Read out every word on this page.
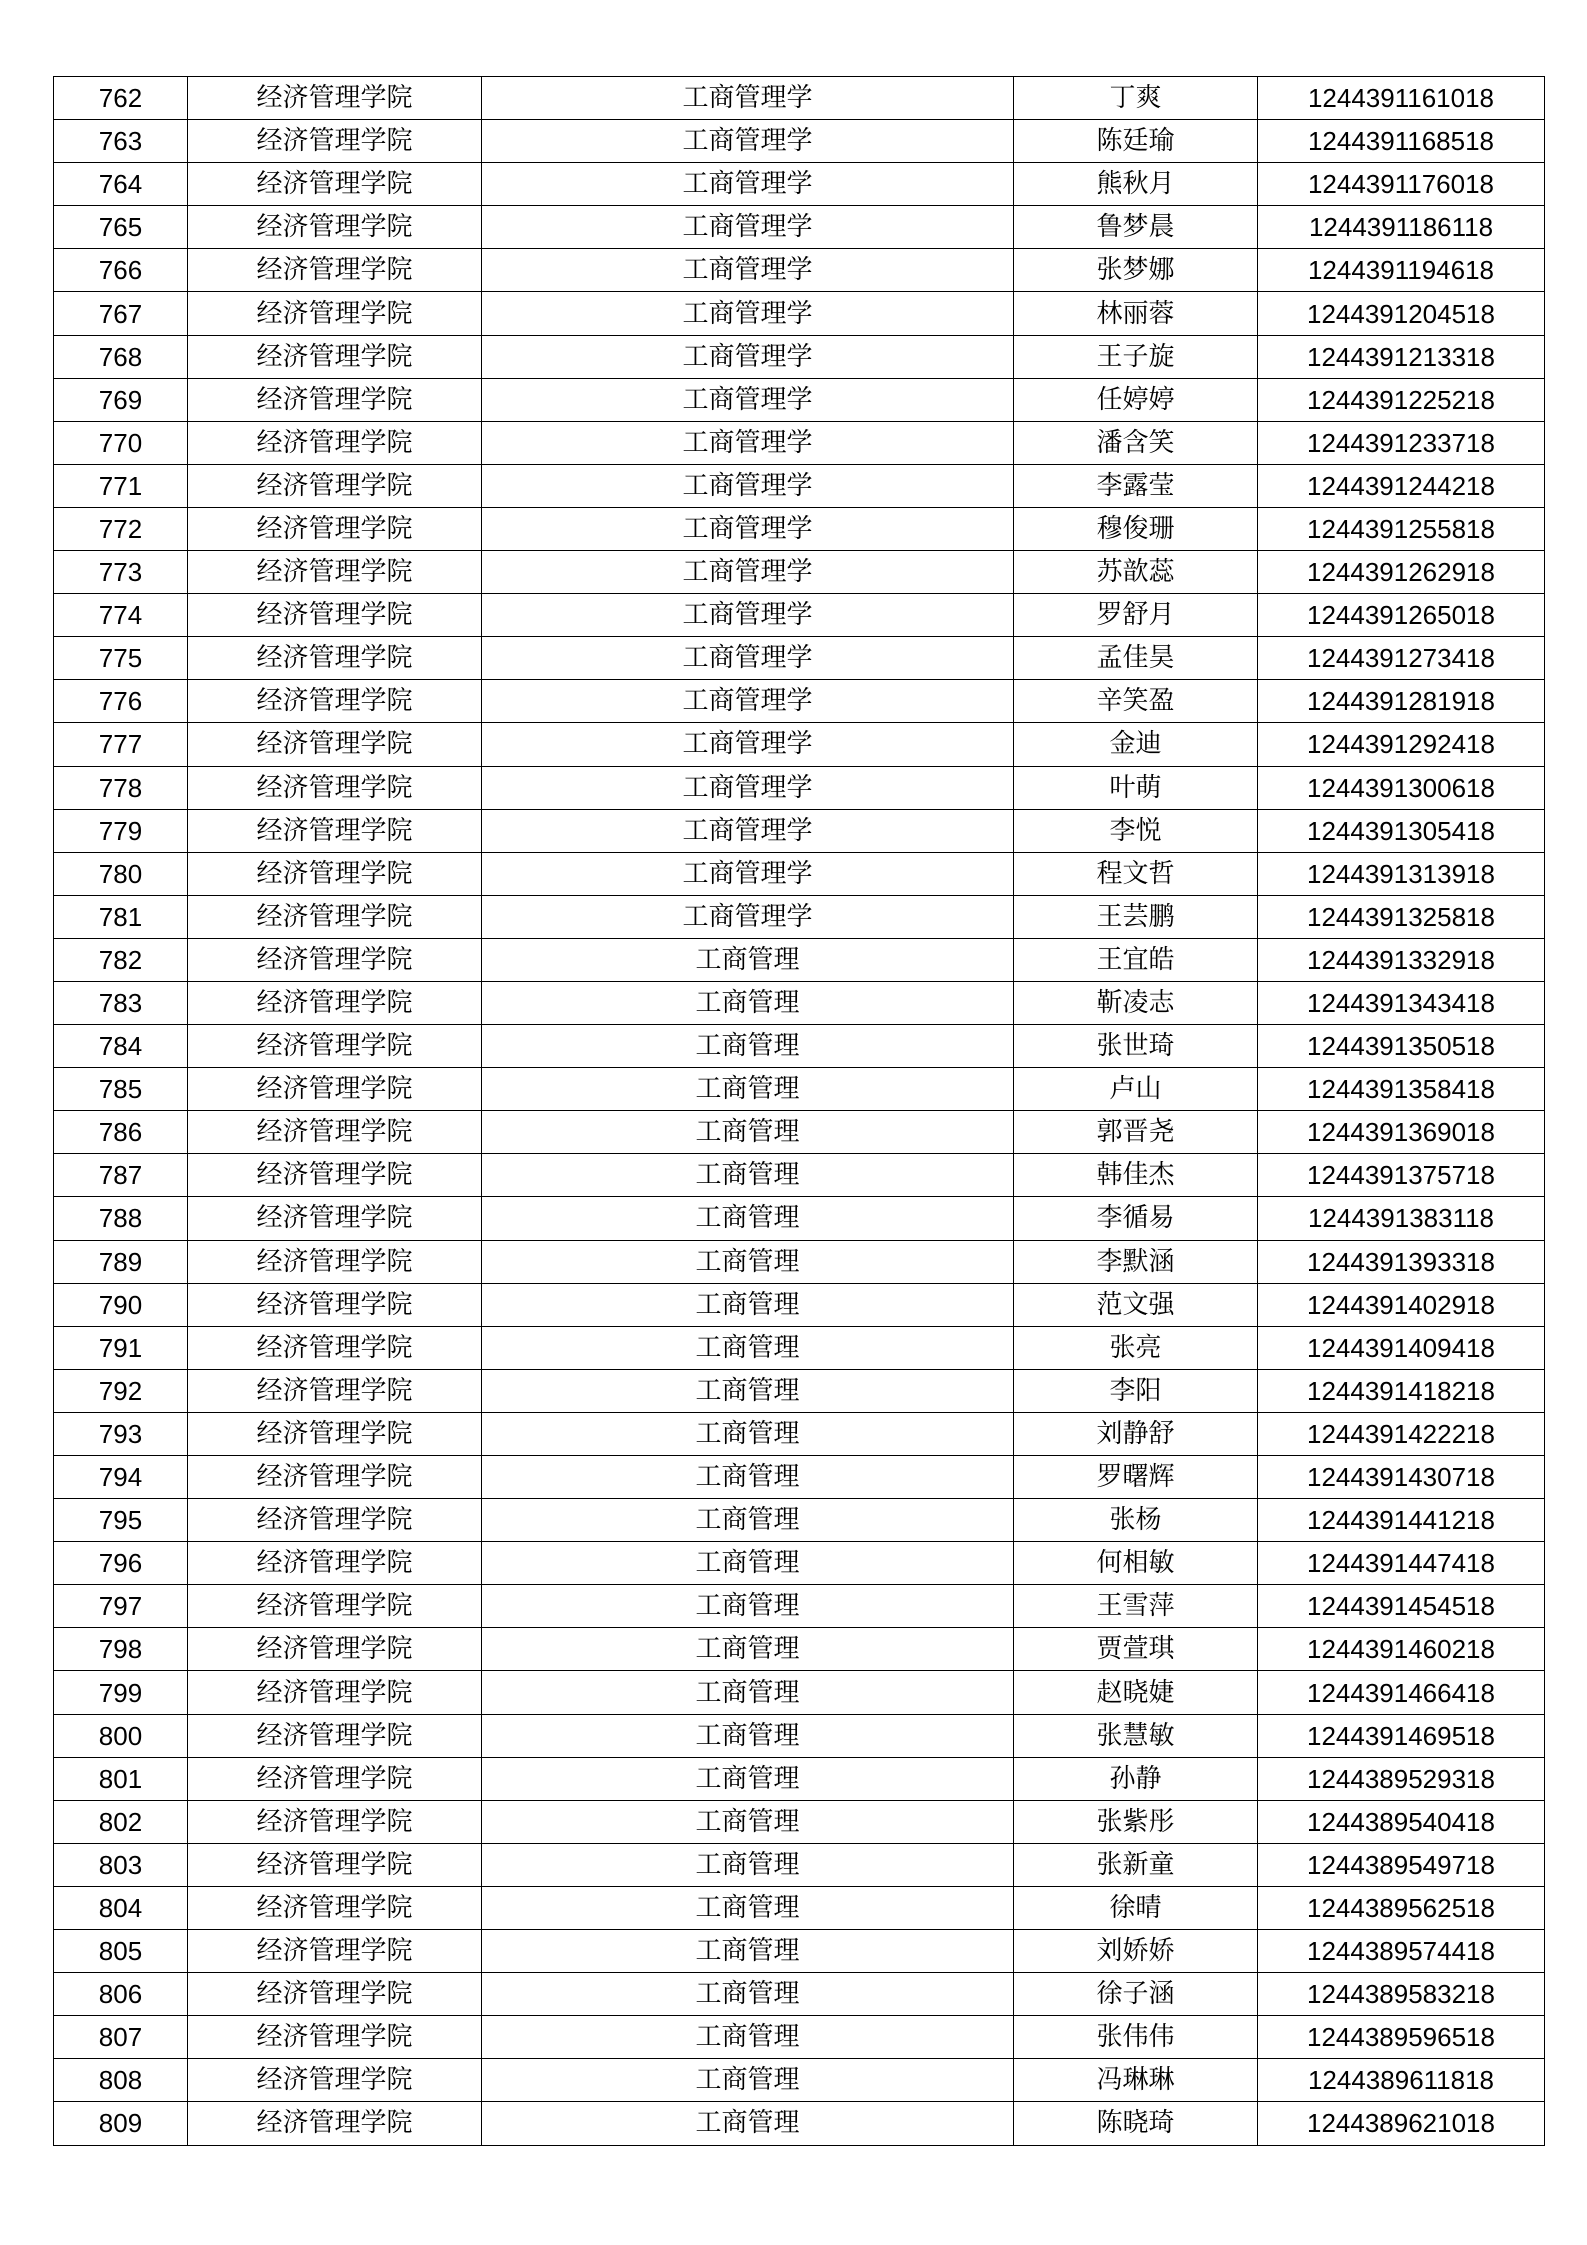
762	经济管理学院	工商管理学	丁爽	1244391161018
763	经济管理学院	工商管理学	陈廷瑜	1244391168518
764	经济管理学院	工商管理学	熊秋月	1244391176018
765	经济管理学院	工商管理学	鲁梦晨	1244391186118
766	经济管理学院	工商管理学	张梦娜	1244391194618
767	经济管理学院	工商管理学	林丽蓉	1244391204518
768	经济管理学院	工商管理学	王子旋	1244391213318
769	经济管理学院	工商管理学	任婷婷	1244391225218
770	经济管理学院	工商管理学	潘含笑	1244391233718
771	经济管理学院	工商管理学	李露莹	1244391244218
772	经济管理学院	工商管理学	穆俊珊	1244391255818
773	经济管理学院	工商管理学	苏歆蕊	1244391262918
774	经济管理学院	工商管理学	罗舒月	1244391265018
775	经济管理学院	工商管理学	孟佳昊	1244391273418
776	经济管理学院	工商管理学	辛笑盈	1244391281918
777	经济管理学院	工商管理学	金迪	1244391292418
778	经济管理学院	工商管理学	叶萌	1244391300618
779	经济管理学院	工商管理学	李悦	1244391305418
780	经济管理学院	工商管理学	程文哲	1244391313918
781	经济管理学院	工商管理学	王芸鹏	1244391325818
782	经济管理学院	工商管理	王宜皓	1244391332918
783	经济管理学院	工商管理	靳凌志	1244391343418
784	经济管理学院	工商管理	张世琦	1244391350518
785	经济管理学院	工商管理	卢山	1244391358418
786	经济管理学院	工商管理	郭晋尧	1244391369018
787	经济管理学院	工商管理	韩佳杰	1244391375718
788	经济管理学院	工商管理	李循易	1244391383118
789	经济管理学院	工商管理	李默涵	1244391393318
790	经济管理学院	工商管理	范文强	1244391402918
791	经济管理学院	工商管理	张亮	1244391409418
792	经济管理学院	工商管理	李阳	1244391418218
793	经济管理学院	工商管理	刘静舒	1244391422218
794	经济管理学院	工商管理	罗曙辉	1244391430718
795	经济管理学院	工商管理	张杨	1244391441218
796	经济管理学院	工商管理	何相敏	1244391447418
797	经济管理学院	工商管理	王雪萍	1244391454518
798	经济管理学院	工商管理	贾萱琪	1244391460218
799	经济管理学院	工商管理	赵晓婕	1244391466418
800	经济管理学院	工商管理	张慧敏	1244391469518
801	经济管理学院	工商管理	孙静	1244389529318
802	经济管理学院	工商管理	张紫彤	1244389540418
803	经济管理学院	工商管理	张新童	1244389549718
804	经济管理学院	工商管理	徐晴	1244389562518
805	经济管理学院	工商管理	刘娇娇	1244389574418
806	经济管理学院	工商管理	徐子涵	1244389583218
807	经济管理学院	工商管理	张伟伟	1244389596518
808	经济管理学院	工商管理	冯琳琳	1244389611818
809	经济管理学院	工商管理	陈晓琦	1244389621018
